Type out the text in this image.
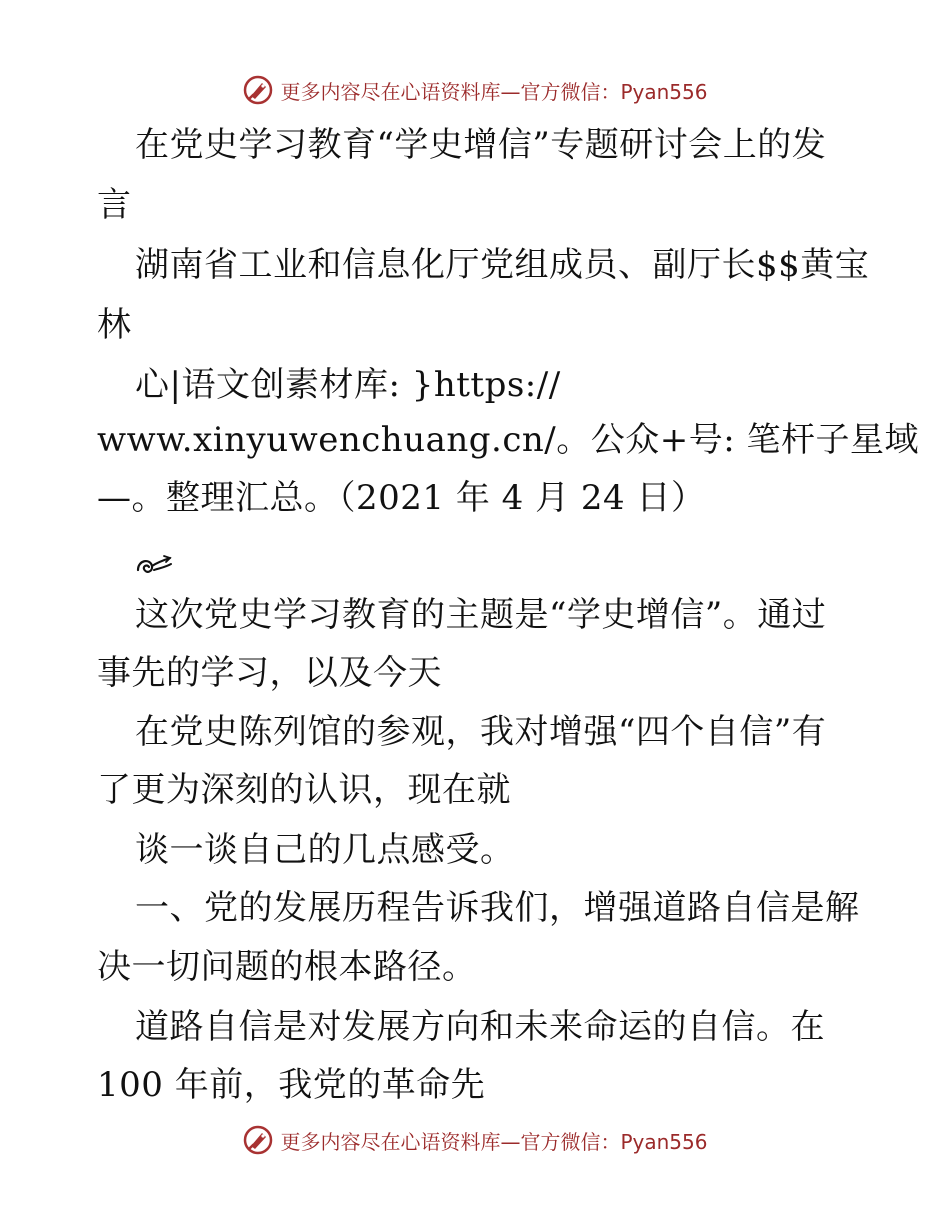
更多内容尽在心语资料库—官方微信：Pyan556
在党史学习教育“学史增信”专题研讨会上的发
言
湖南省工业和信息化厅党组成员、副厅长$$黄宝
林
心|语文创素材库: }https://
www.xinyuwenchuang.cn/。公众+号: 笔杆子星域
—。整理汇总。（2021 年 4 月 24 日）
这次党史学习教育的主题是“学史增信”。通过
事先的学习，以及今天
在党史陈列馆的参观，我对增强“四个自信”有
了更为深刻的认识，现在就
谈一谈自己的几点感受。
一、党的发展历程告诉我们，增强道路自信是解
决一切问题的根本路径。
道路自信是对发展方向和未来命运的自信。在
100 年前，我党的革命先
更多内容尽在心语资料库—官方微信：Pyan556
